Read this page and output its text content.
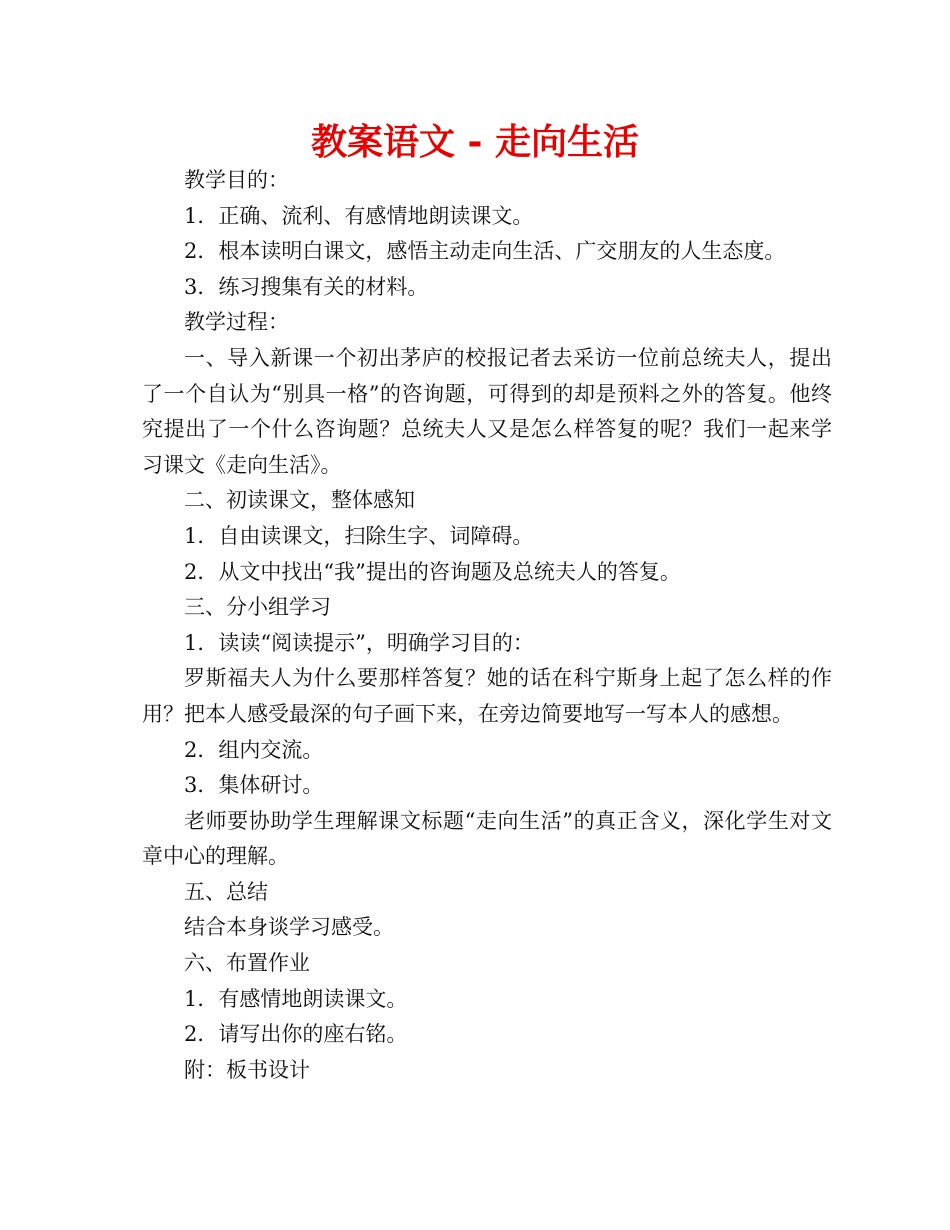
教案语文 - 走向生活

教学目的：

1．正确、流利、有感情地朗读课文。

2．根本读明白课文，感悟主动走向生活、广交朋友的人生态度。

3．练习搜集有关的材料。

教学过程：

一、导入新课一个初出茅庐的校报记者去采访一位前总统夫人，提出了一个自认为“别具一格”的咨询题，可得到的却是预料之外的答复。他终究提出了一个什么咨询题？总统夫人又是怎么样答复的呢？我们一起来学习课文《走向生活》。

二、初读课文，整体感知

1．自由读课文，扫除生字、词障碍。

2．从文中找出“我”提出的咨询题及总统夫人的答复。

三、分小组学习

1．读读“阅读提示”，明确学习目的：

罗斯福夫人为什么要那样答复？她的话在科宁斯身上起了怎么样的作用？把本人感受最深的句子画下来，在旁边简要地写一写本人的感想。

2．组内交流。

3．集体研讨。

老师要协助学生理解课文标题“走向生活”的真正含义，深化学生对文章中心的理解。

五、总结

结合本身谈学习感受。

六、布置作业

1．有感情地朗读课文。

2．请写出你的座右铭。

附：板书设计
